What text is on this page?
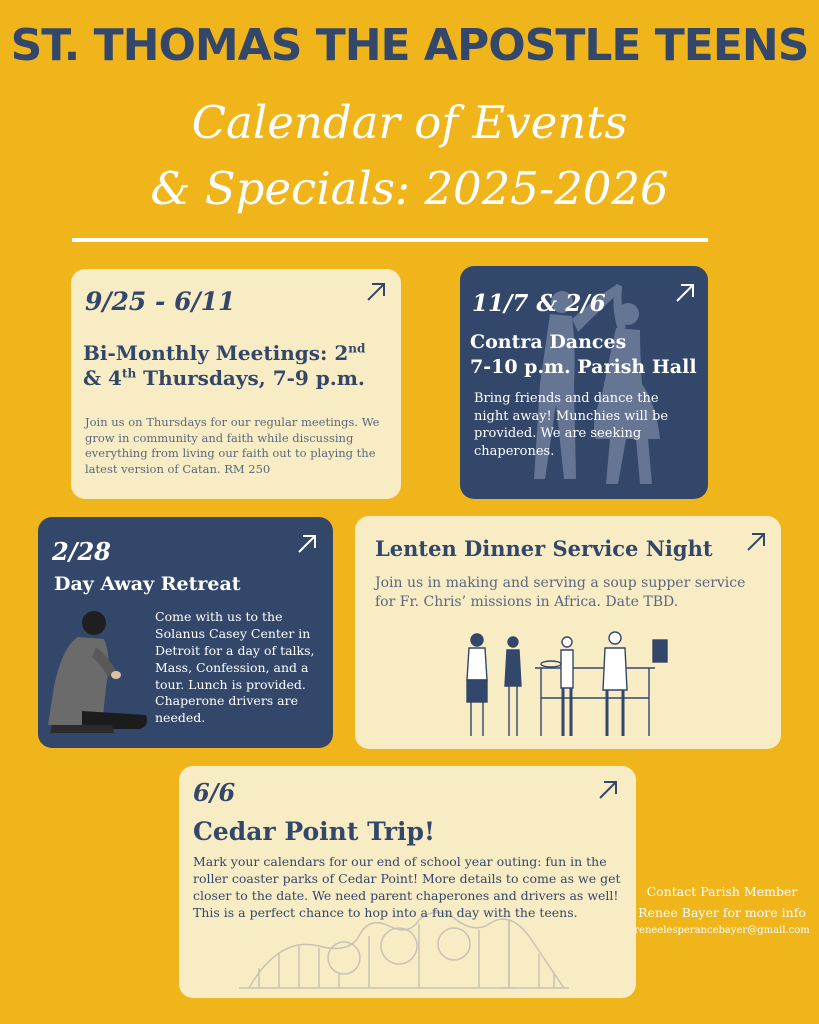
ST. THOMAS THE APOSTLE TEENS

Calendar of Events

& Specials: 2025-2026

9/25 - 6/11

Bi-Monthly Meetings: 2nd
& 4th Thursdays, 7-9 p.m.

Join us on Thursdays for our regular meetings. We grow in community and faith while discussing everything from living our faith out to playing the latest version of Catan. RM 250

11/7 & 2/6

Contra Dances
7-10 p.m. Parish Hall

Bring friends and dance the night away! Munchies will be provided. We are seeking chaperones.

2/28

Day Away Retreat

Come with us to the Solanus Casey Center in Detroit for a day of talks, Mass, Confession, and a tour. Lunch is provided. Chaperone drivers are needed.

Lenten Dinner Service Night

Join us in making and serving a soup supper service for Fr. Chris’ missions in Africa. Date TBD.

6/6

Cedar Point Trip!

Mark your calendars for our end of school year outing: fun in the roller coaster parks of Cedar Point! More details to come as we get closer to the date. We need parent chaperones and drivers as well! This is a perfect chance to hop into a fun day with the teens.

Contact Parish Member
Renee Bayer for more info
reneelesperancebayer@gmail.com
